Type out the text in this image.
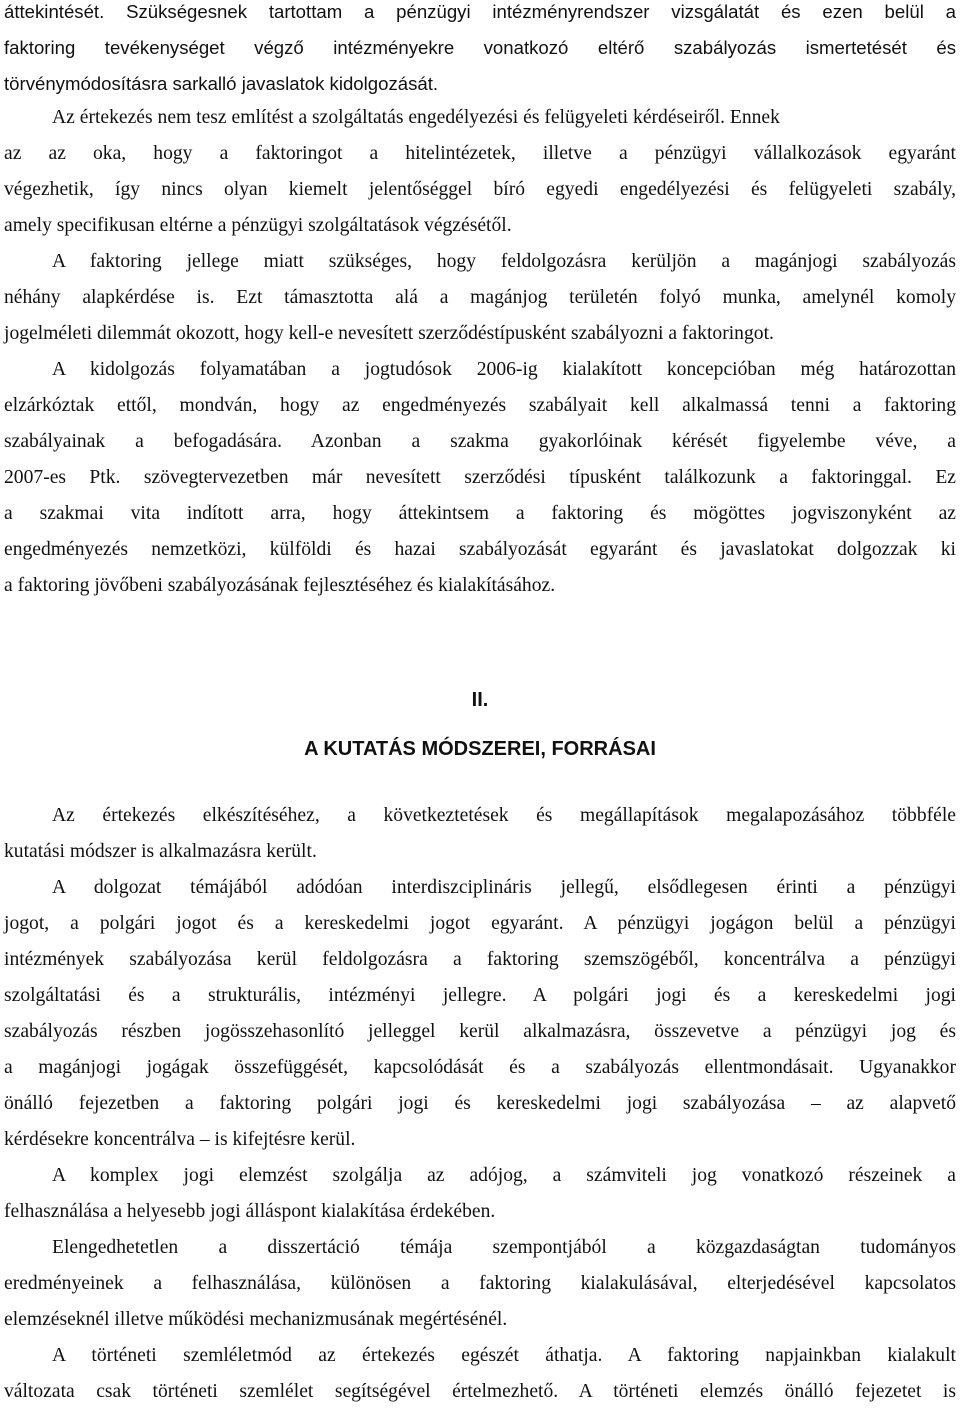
áttekintését. Szükségesnek tartottam a pénzügyi intézményrendszer vizsgálatát és ezen belül a
faktoring tevékenységet végző intézményekre vonatkozó eltérő szabályozás ismertetését és
törvénymódosításra sarkalló javaslatok kidolgozását.
Az értekezés nem tesz említést a szolgáltatás engedélyezési és felügyeleti kérdéseiről. Ennek
az az oka, hogy a faktoringot a hitelintézetek, illetve a pénzügyi vállalkozások egyaránt
végezhetik, így nincs olyan kiemelt jelentőséggel bíró egyedi engedélyezési és felügyeleti szabály,
amely specifikusan eltérne a pénzügyi szolgáltatások végzésétől.
A faktoring jellege miatt szükséges, hogy feldolgozásra kerüljön a magánjogi szabályozás
néhány alapkérdése is. Ezt támasztotta alá a magánjog területén folyó munka, amelynél komoly
jogelméleti dilemmát okozott, hogy kell-e nevesített szerződéstípusként szabályozni a faktoringot.
A kidolgozás folyamatában a jogtudósok 2006-ig kialakított koncepcióban még határozottan
elzárkóztak ettől, mondván, hogy az engedményezés szabályait kell alkalmassá tenni a faktoring
szabályainak a befogadására. Azonban a szakma gyakorlóinak kérését figyelembe véve, a
2007-es Ptk. szövegtervezetben már nevesített szerződési típusként találkozunk a faktoringgal. Ez
a szakmai vita indított arra, hogy áttekintsem a faktoring és mögöttes jogviszonyként az
engedményezés nemzetközi, külföldi és hazai szabályozását egyaránt és javaslatokat dolgozzak ki
a faktoring jövőbeni szabályozásának fejlesztéséhez és kialakításához.
II.
A KUTATÁS MÓDSZEREI, FORRÁSAI
Az értekezés elkészítéséhez, a következtetések és megállapítások megalapozásához többféle
kutatási módszer is alkalmazásra került.
A dolgozat témájából adódóan interdiszciplináris jellegű, elsődlegesen érinti a pénzügyi
jogot, a polgári jogot és a kereskedelmi jogot egyaránt. A pénzügyi jogágon belül a pénzügyi
intézmények szabályozása kerül feldolgozásra a faktoring szemszögéből, koncentrálva a pénzügyi
szolgáltatási és a strukturális, intézményi jellegre. A polgári jogi és a kereskedelmi jogi
szabályozás részben jogösszehasonlító jelleggel kerül alkalmazásra, összevetve a pénzügyi jog és
a magánjogi jogágak összefüggését, kapcsolódását és a szabályozás ellentmondásait. Ugyanakkor
önálló fejezetben a faktoring polgári jogi és kereskedelmi jogi szabályozása – az alapvető
kérdésekre koncentrálva – is kifejtésre kerül.
A komplex jogi elemzést szolgálja az adójog, a számviteli jog vonatkozó részeinek a
felhasználása a helyesebb jogi álláspont kialakítása érdekében.
Elengedhetetlen a disszertáció témája szempontjából a közgazdaságtan tudományos
eredményeinek a felhasználása, különösen a faktoring kialakulásával, elterjedésével kapcsolatos
elemzéseknél illetve működési mechanizmusának megértésénél.
A történeti szemléletmód az értekezés egészét áthatja. A faktoring napjainkban kialakult
változata csak történeti szemlélet segítségével értelmezhető. A történeti elemzés önálló fejezetet is
